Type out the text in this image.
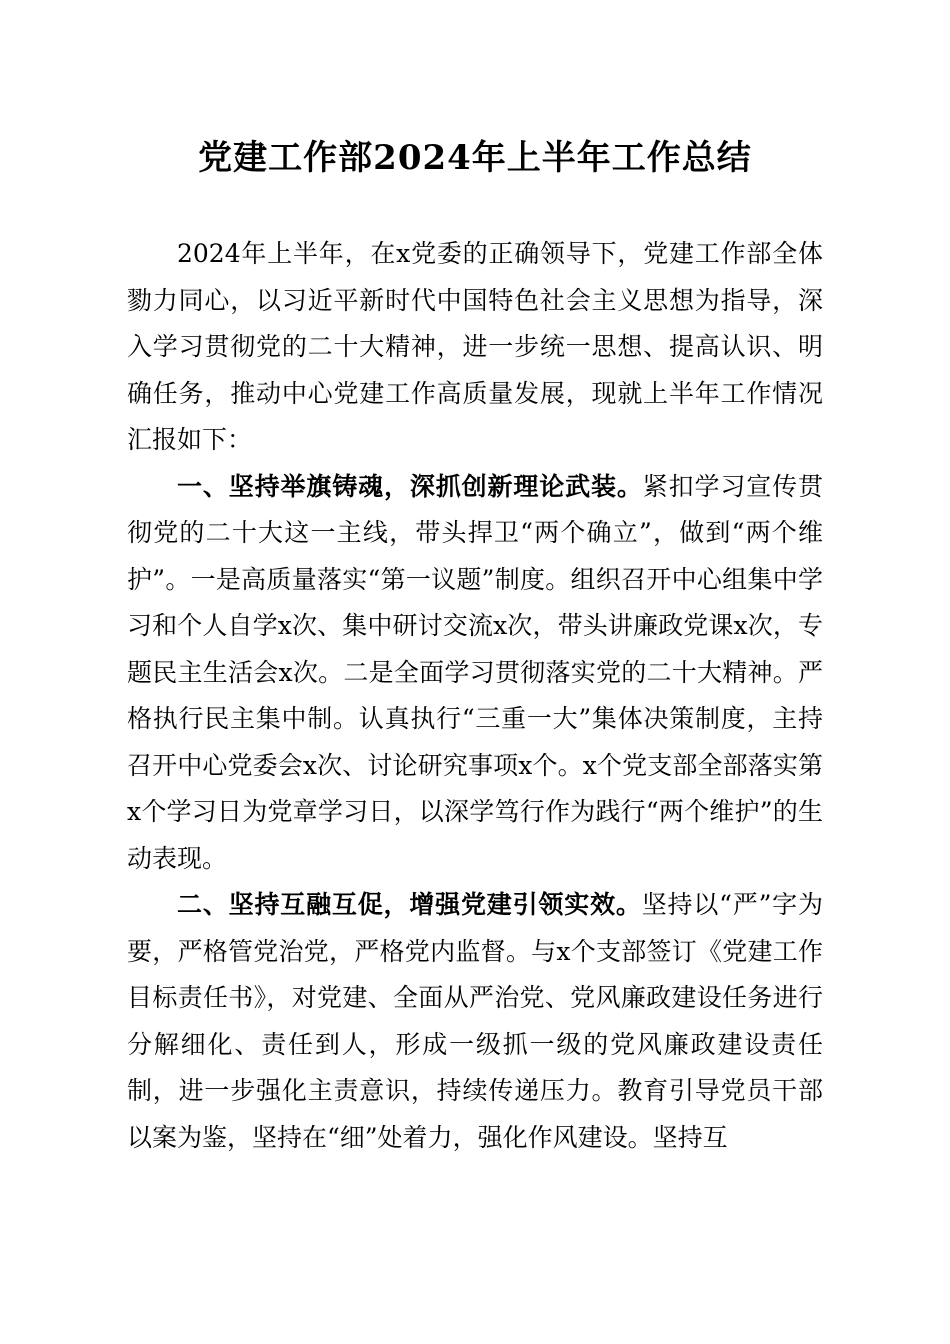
党建工作部2024年上半年工作总结

2024年上半年，在x党委的正确领导下，党建工作部全体勠力同心，以习近平新时代中国特色社会主义思想为指导，深入学习贯彻党的二十大精神，进一步统一思想、提高认识、明确任务，推动中心党建工作高质量发展，现就上半年工作情况汇报如下：

一、坚持举旗铸魂，深抓创新理论武装。紧扣学习宣传贯彻党的二十大这一主线，带头捍卫“两个确立”，做到“两个维护”。一是高质量落实“第一议题”制度。组织召开中心组集中学习和个人自学x次、集中研讨交流x次，带头讲廉政党课x次，专题民主生活会x次。二是全面学习贯彻落实党的二十大精神。严格执行民主集中制。认真执行“三重一大”集体决策制度，主持召开中心党委会x次、讨论研究事项x个。x个党支部全部落实第x个学习日为党章学习日，以深学笃行作为践行“两个维护”的生动表现。

二、坚持互融互促，增强党建引领实效。坚持以“严”字为要，严格管党治党，严格党内监督。与x个支部签订《党建工作目标责任书》，对党建、全面从严治党、党风廉政建设任务进行分解细化、责任到人，形成一级抓一级的党风廉政建设责任制，进一步强化主责意识，持续传递压力。教育引导党员干部以案为鉴，坚持在“细”处着力，强化作风建设。坚持互
